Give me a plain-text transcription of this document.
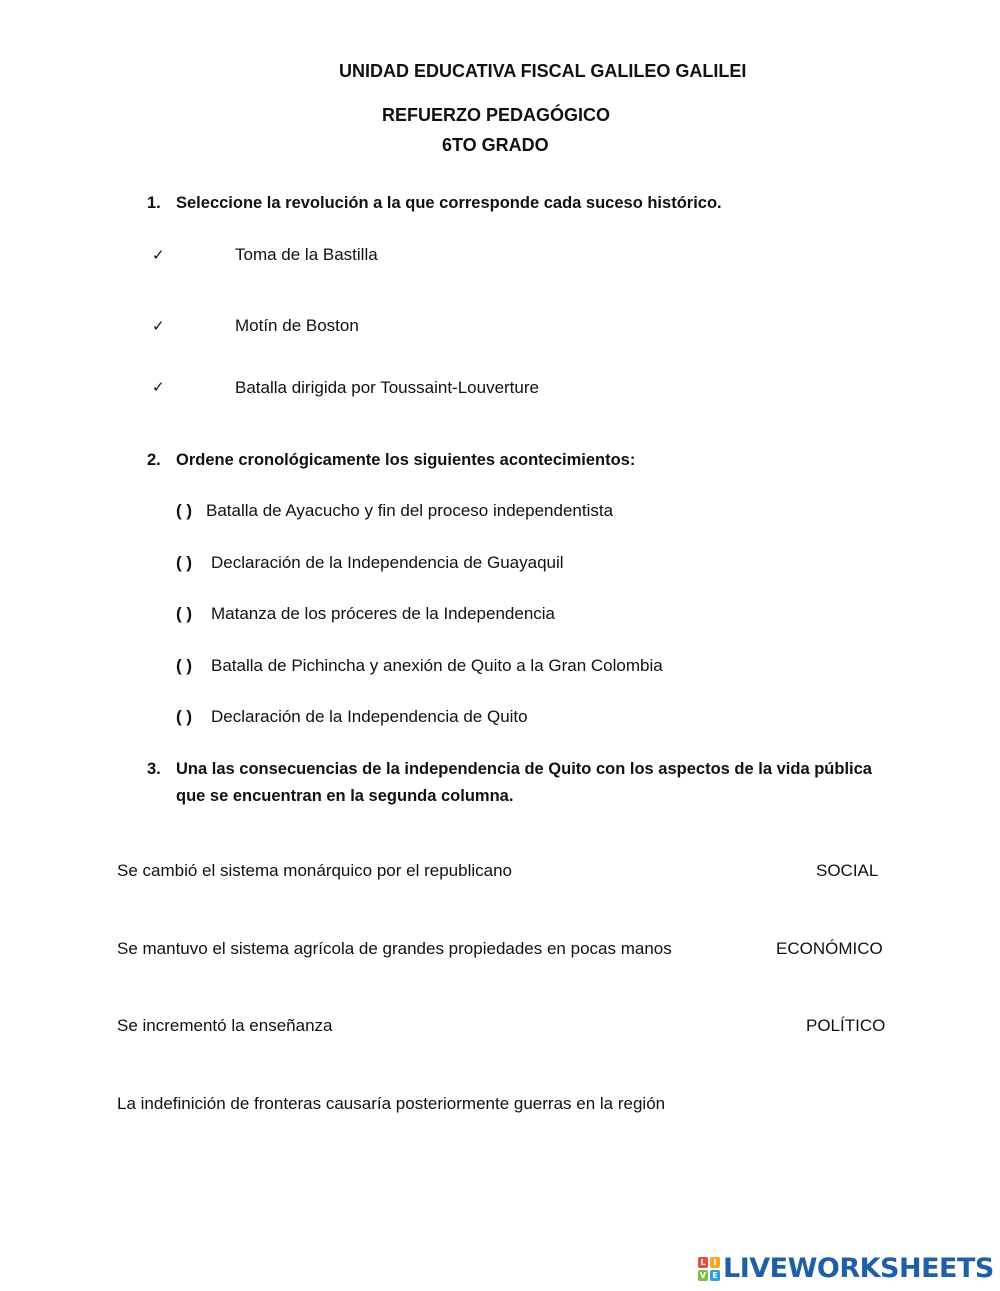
UNIDAD EDUCATIVA FISCAL GALILEO GALILEI
REFUERZO PEDAGÓGICO
6TO GRADO
1. Seleccione la revolución a la que corresponde cada suceso histórico.
✓	Toma de la Bastilla
✓	Motín de Boston
✓	Batalla dirigida por Toussaint-Louverture
2. Ordene cronológicamente los siguientes acontecimientos:
( ) Batalla de Ayacucho y fin del proceso independentista
( ) Declaración de la Independencia de Guayaquil
( ) Matanza de los próceres de la Independencia
( ) Batalla de Pichincha y anexión de Quito a la Gran Colombia
( ) Declaración de la Independencia de Quito
3. Una las consecuencias de la independencia de Quito con los aspectos de la vida pública
que se encuentran en la segunda columna.
Se cambió el sistema monárquico por el republicano	SOCIAL
Se mantuvo el sistema agrícola de grandes propiedades en pocas manos	ECONÓMICO
Se incrementó la enseñanza	POLÍTICO
La indefinición de fronteras causaría posteriormente guerras en la región
L I
V E LIVEWORKSHEETS
